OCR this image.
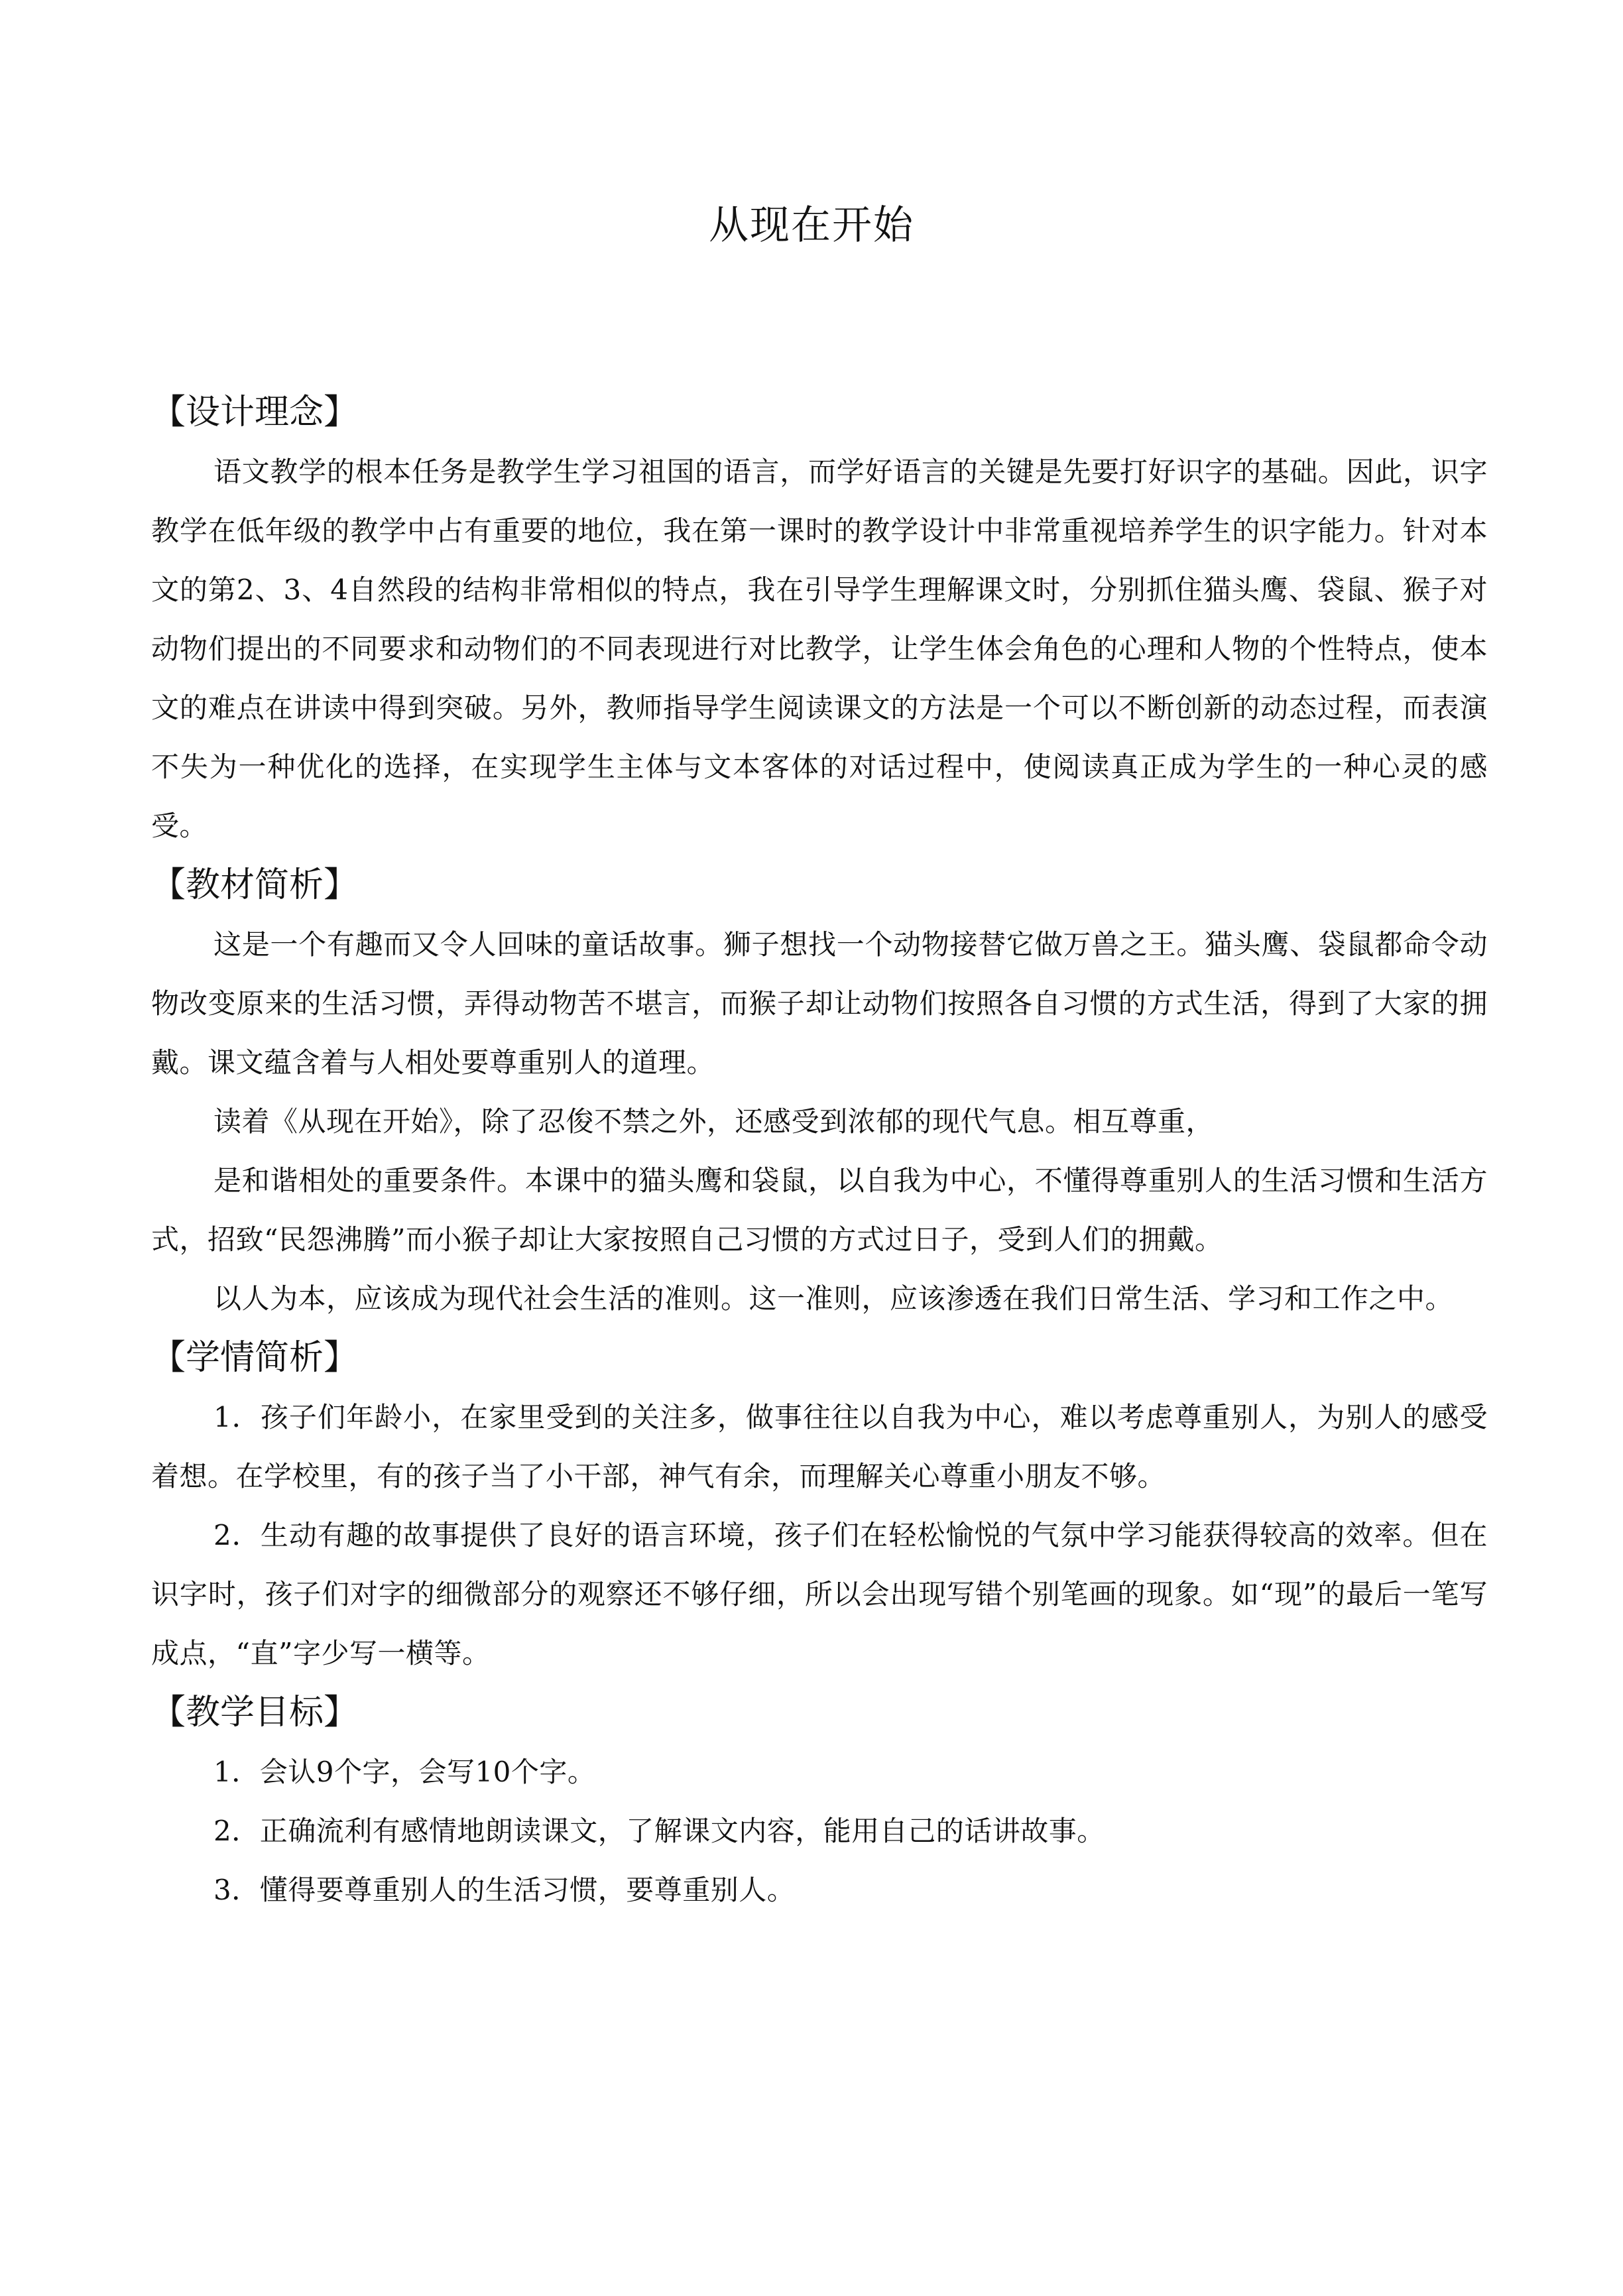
从现在开始
【设计理念】

语文教学的根本任务是教学生学习祖国的语言，而学好语言的关键是先要打好识字的基础。因此，识字教学在低年级的教学中占有重要的地位，我在第一课时的教学设计中非常重视培养学生的识字能力。针对本文的第2、3、4自然段的结构非常相似的特点，我在引导学生理解课文时，分别抓住猫头鹰、袋鼠、猴子对动物们提出的不同要求和动物们的不同表现进行对比教学，让学生体会角色的心理和人物的个性特点，使本文的难点在讲读中得到突破。另外，教师指导学生阅读课文的方法是一个可以不断创新的动态过程，而表演不失为一种优化的选择，在实现学生主体与文本客体的对话过程中，使阅读真正成为学生的一种心灵的感受。

【教材简析】

这是一个有趣而又令人回味的童话故事。狮子想找一个动物接替它做万兽之王。猫头鹰、袋鼠都命令动物改变原来的生活习惯，弄得动物苦不堪言，而猴子却让动物们按照各自习惯的方式生活，得到了大家的拥戴。课文蕴含着与人相处要尊重别人的道理。

读着《从现在开始》，除了忍俊不禁之外，还感受到浓郁的现代气息。相互尊重，

是和谐相处的重要条件。本课中的猫头鹰和袋鼠，以自我为中心，不懂得尊重别人的生活习惯和生活方式，招致“民怨沸腾”而小猴子却让大家按照自己习惯的方式过日子，受到人们的拥戴。

以人为本，应该成为现代社会生活的准则。这一准则，应该渗透在我们日常生活、学习和工作之中。

【学情简析】

1．孩子们年龄小，在家里受到的关注多，做事往往以自我为中心，难以考虑尊重别人，为别人的感受着想。在学校里，有的孩子当了小干部，神气有余，而理解关心尊重小朋友不够。

2．生动有趣的故事提供了良好的语言环境，孩子们在轻松愉悦的气氛中学习能获得较高的效率。但在识字时，孩子们对字的细微部分的观察还不够仔细，所以会出现写错个别笔画的现象。如“现”的最后一笔写成点，“直”字少写一横等。

【教学目标】

1．会认9个字，会写10个字。

2．正确流利有感情地朗读课文，了解课文内容，能用自己的话讲故事。

3．懂得要尊重别人的生活习惯，要尊重别人。
